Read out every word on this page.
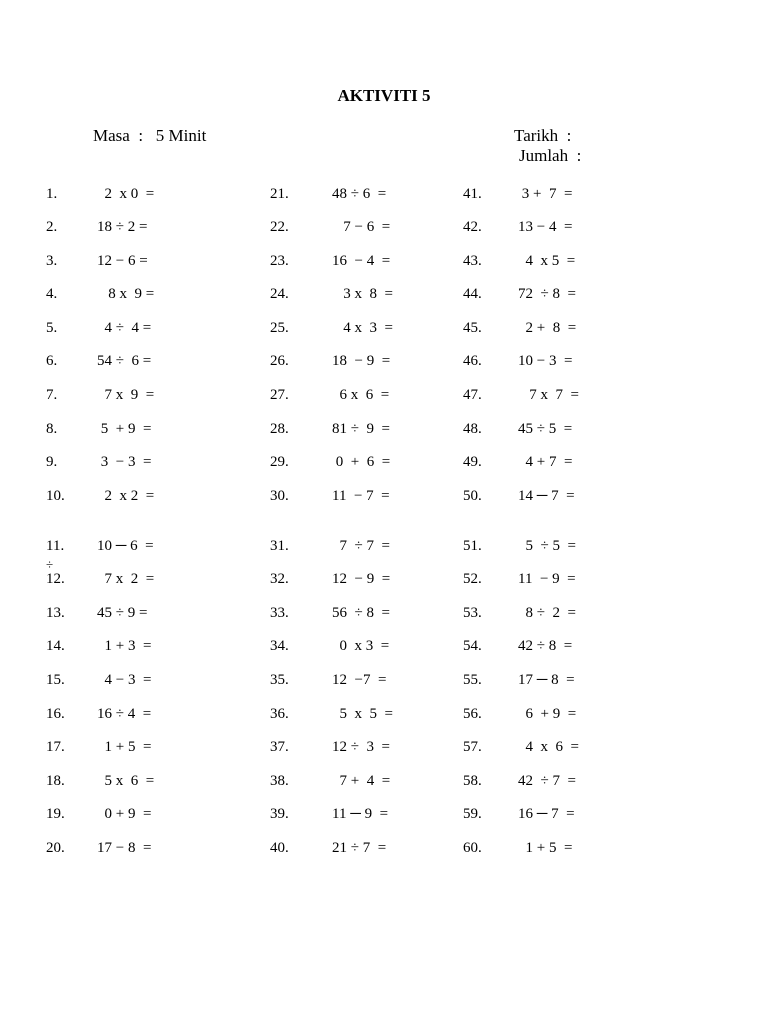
AKTIVITI 5
Masa  :   5 Minit	Tarikh  :
Jumlah  :
÷
1.	2  x 0  =
2.	18 ÷ 2 =
3.	12 − 6 =
4.	8 x  9 =
5.	4 ÷  4 =
6.	54 ÷  6 =
7.	7 x  9  =
8.	5  + 9  =
9.	3  − 3  =
10. 2  x 2  =
11. 10 ─ 6  =
12. 7 x  2  =
13. 45 ÷ 9 =
14. 1 + 3  =
15. 4 − 3  =
16. 16 ÷ 4  =
17. 1 + 5  =
18. 5 x  6  =
19. 0 + 9  =
20. 17 − 8  =
21.	48 ÷ 6  =
22.	7 − 6  =
23.	16  − 4  =
24.	3 x  8  =
25.	4 x  3  =
26.	18  − 9  =
27.	6 x  6  =
28.	81 ÷  9  =
29.	0  +  6  =
30.	11  − 7  =
31.	7  ÷ 7  =
32.	12  − 9  =
33.	56  ÷ 8  =
34.	0  x 3  =
35.	12  −7  =
36.	5  x  5  =
37.	12 ÷  3  =
38.	7 +  4  =
39.	11 ─ 9  =
40.	21 ÷ 7  =
41. 3 +  7  =
42. 13 − 4  =
43. 4  x 5  =
44. 72  ÷ 8  =
45. 2 +  8  =
46. 10 − 3  =
47. 7 x  7  =
48. 45 ÷ 5  =
49. 4 + 7  =
50. 14 ─ 7  =
51. 5  ÷ 5  =
52. 11  − 9  =
53. 8 ÷  2  =
54. 42 ÷ 8  =
55. 17 ─ 8  =
56. 6  + 9  =
57. 4  x  6  =
58. 42  ÷ 7  =
59. 16 ─ 7  =
60. 1 + 5  =
